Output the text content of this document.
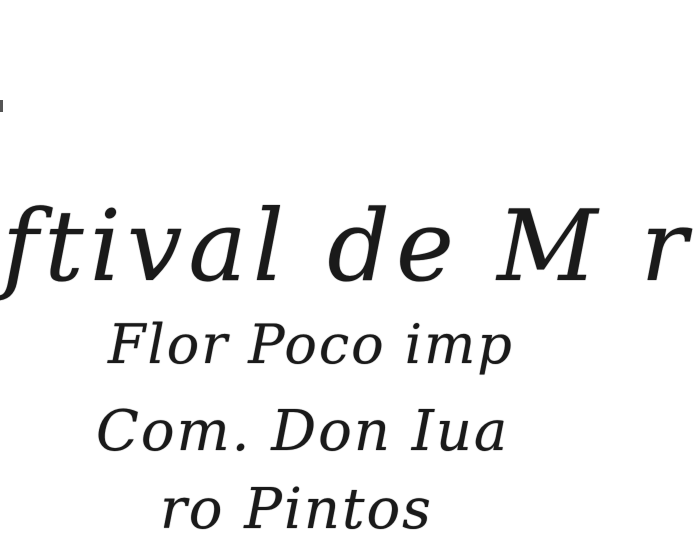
ftival de M r
Flor Poco imp
Com. Don Iua
ro Pintos
